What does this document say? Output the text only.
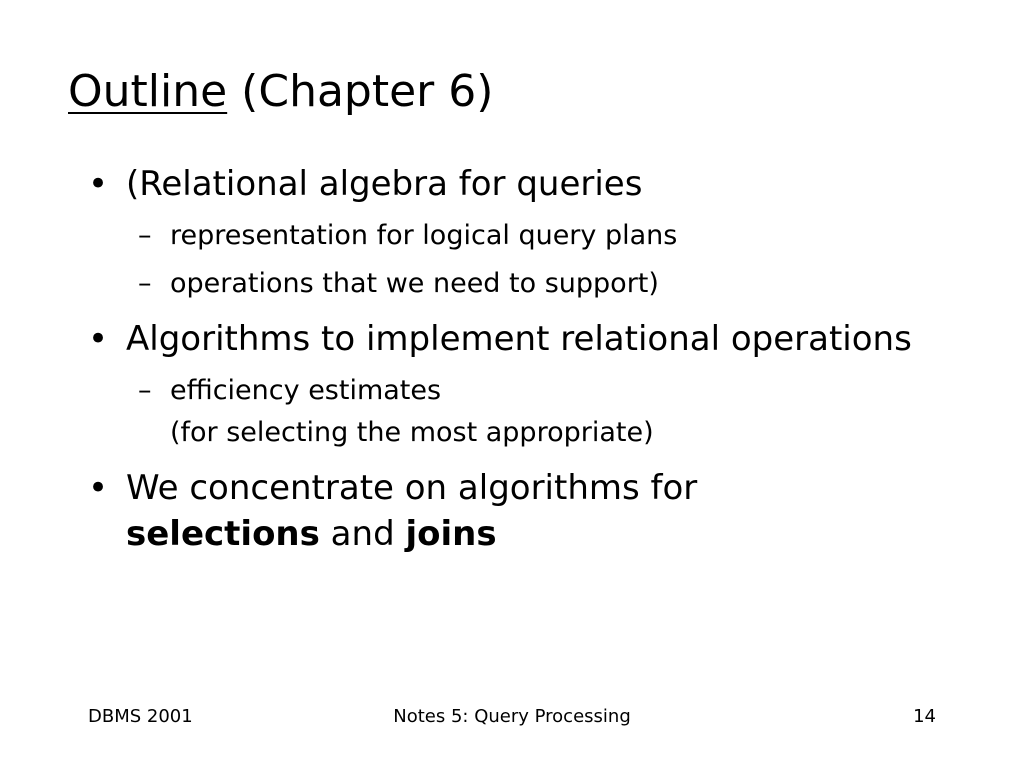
Outline (Chapter 6)
• (Relational algebra for queries
– representation for logical query plans
– operations that we need to support)
• Algorithms to implement relational operations
– efficiency estimates
(for selecting the most appropriate)
• We concentrate on algorithms for
selections and joins
DBMS 2001	Notes 5: Query Processing	14
